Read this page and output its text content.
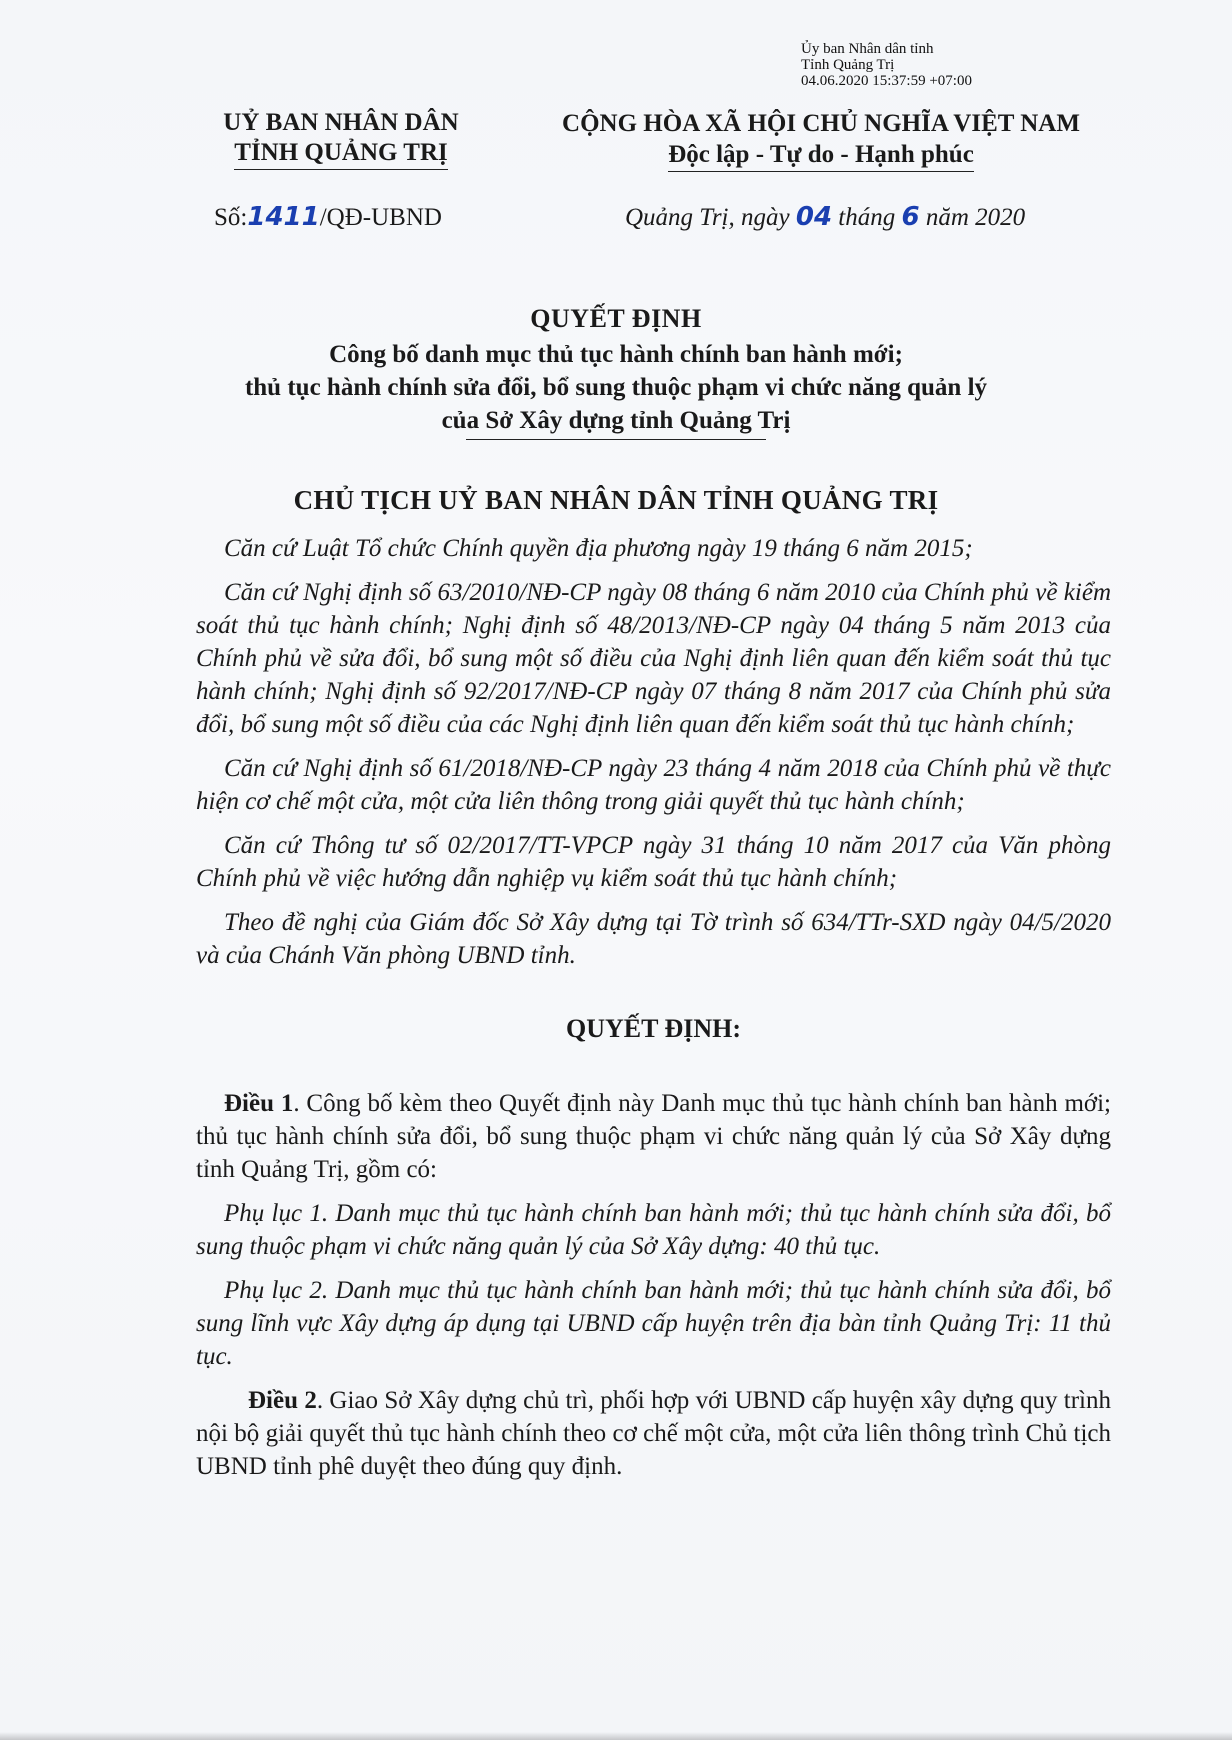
Ủy ban Nhân dân tỉnh
Tỉnh Quảng Trị
04.06.2020 15:37:59 +07:00
UỶ BAN NHÂN DÂN
TỈNH QUẢNG TRỊ
CỘNG HÒA XÃ HỘI CHỦ NGHĨA VIỆT NAM
Độc lập - Tự do - Hạnh phúc
Số:1411/QĐ-UBND	Quảng Trị, ngày 04 tháng 6 năm 2020
QUYẾT ĐỊNH
Công bố danh mục thủ tục hành chính ban hành mới;
thủ tục hành chính sửa đổi, bổ sung thuộc phạm vi chức năng quản lý
của Sở Xây dựng tỉnh Quảng Trị
CHỦ TỊCH UỶ BAN NHÂN DÂN TỈNH QUẢNG TRỊ

Căn cứ Luật Tổ chức Chính quyền địa phương ngày 19 tháng 6 năm 2015;

Căn cứ Nghị định số 63/2010/NĐ-CP ngày 08 tháng 6 năm 2010 của Chính phủ về kiểm soát thủ tục hành chính; Nghị định số 48/2013/NĐ-CP ngày 04 tháng 5 năm 2013 của Chính phủ về sửa đổi, bổ sung một số điều của Nghị định liên quan đến kiểm soát thủ tục hành chính; Nghị định số 92/2017/NĐ-CP ngày 07 tháng 8 năm 2017 của Chính phủ sửa đổi, bổ sung một số điều của các Nghị định liên quan đến kiểm soát thủ tục hành chính;

Căn cứ Nghị định số 61/2018/NĐ-CP ngày 23 tháng 4 năm 2018 của Chính phủ về thực hiện cơ chế một cửa, một cửa liên thông trong giải quyết thủ tục hành chính;

Căn cứ Thông tư số 02/2017/TT-VPCP ngày 31 tháng 10 năm 2017 của Văn phòng Chính phủ về việc hướng dẫn nghiệp vụ kiểm soát thủ tục hành chính;

Theo đề nghị của Giám đốc Sở Xây dựng tại Tờ trình số 634/TTr-SXD ngày 04/5/2020 và của Chánh Văn phòng UBND tỉnh.

QUYẾT ĐỊNH:

Điều 1. Công bố kèm theo Quyết định này Danh mục thủ tục hành chính ban hành mới; thủ tục hành chính sửa đổi, bổ sung thuộc phạm vi chức năng quản lý của Sở Xây dựng tỉnh Quảng Trị, gồm có:

Phụ lục 1. Danh mục thủ tục hành chính ban hành mới; thủ tục hành chính sửa đổi, bổ sung thuộc phạm vi chức năng quản lý của Sở Xây dựng: 40 thủ tục.

Phụ lục 2. Danh mục thủ tục hành chính ban hành mới; thủ tục hành chính sửa đổi, bổ sung lĩnh vực Xây dựng áp dụng tại UBND cấp huyện trên địa bàn tỉnh Quảng Trị: 11 thủ tục.

Điều 2. Giao Sở Xây dựng chủ trì, phối hợp với UBND cấp huyện xây dựng quy trình nội bộ giải quyết thủ tục hành chính theo cơ chế một cửa, một cửa liên thông trình Chủ tịch UBND tỉnh phê duyệt theo đúng quy định.
